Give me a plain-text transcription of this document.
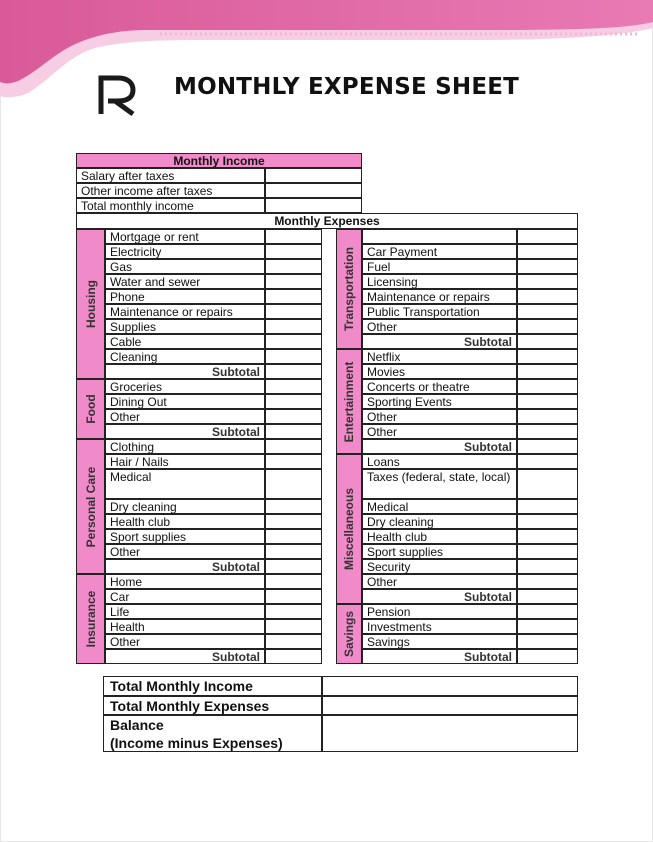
MONTHLY EXPENSE SHEET
Monthly Income
Salary after taxes
Other income after taxes
Total monthly income
Monthly Expenses
Housing
Mortgage or rent
Electricity
Gas
Water and sewer
Phone
Maintenance or repairs
Supplies
Cable
Cleaning
Subtotal
Food
Groceries
Dining Out
Other
Subtotal
Personal Care
Clothing
Hair / Nails
Medical
Dry cleaning
Health club
Sport supplies
Other
Subtotal
Insurance
Home
Car
Life
Health
Other
Subtotal
Transportation Car Payment
Fuel
Licensing
Maintenance or repairs
Public Transportation
Other
Subtotal
Entertainment
Netflix
Movies
Concerts or theatre
Sporting Events
Other
Other
Subtotal
Miscellaneous
Loans
Taxes (federal, state, local)
Medical
Dry cleaning
Health club
Sport supplies
Security
Other
Subtotal
Savings Pension
Investments
Savings
Subtotal
Total Monthly Income
Total Monthly Expenses
Balance
(Income minus Expenses)
